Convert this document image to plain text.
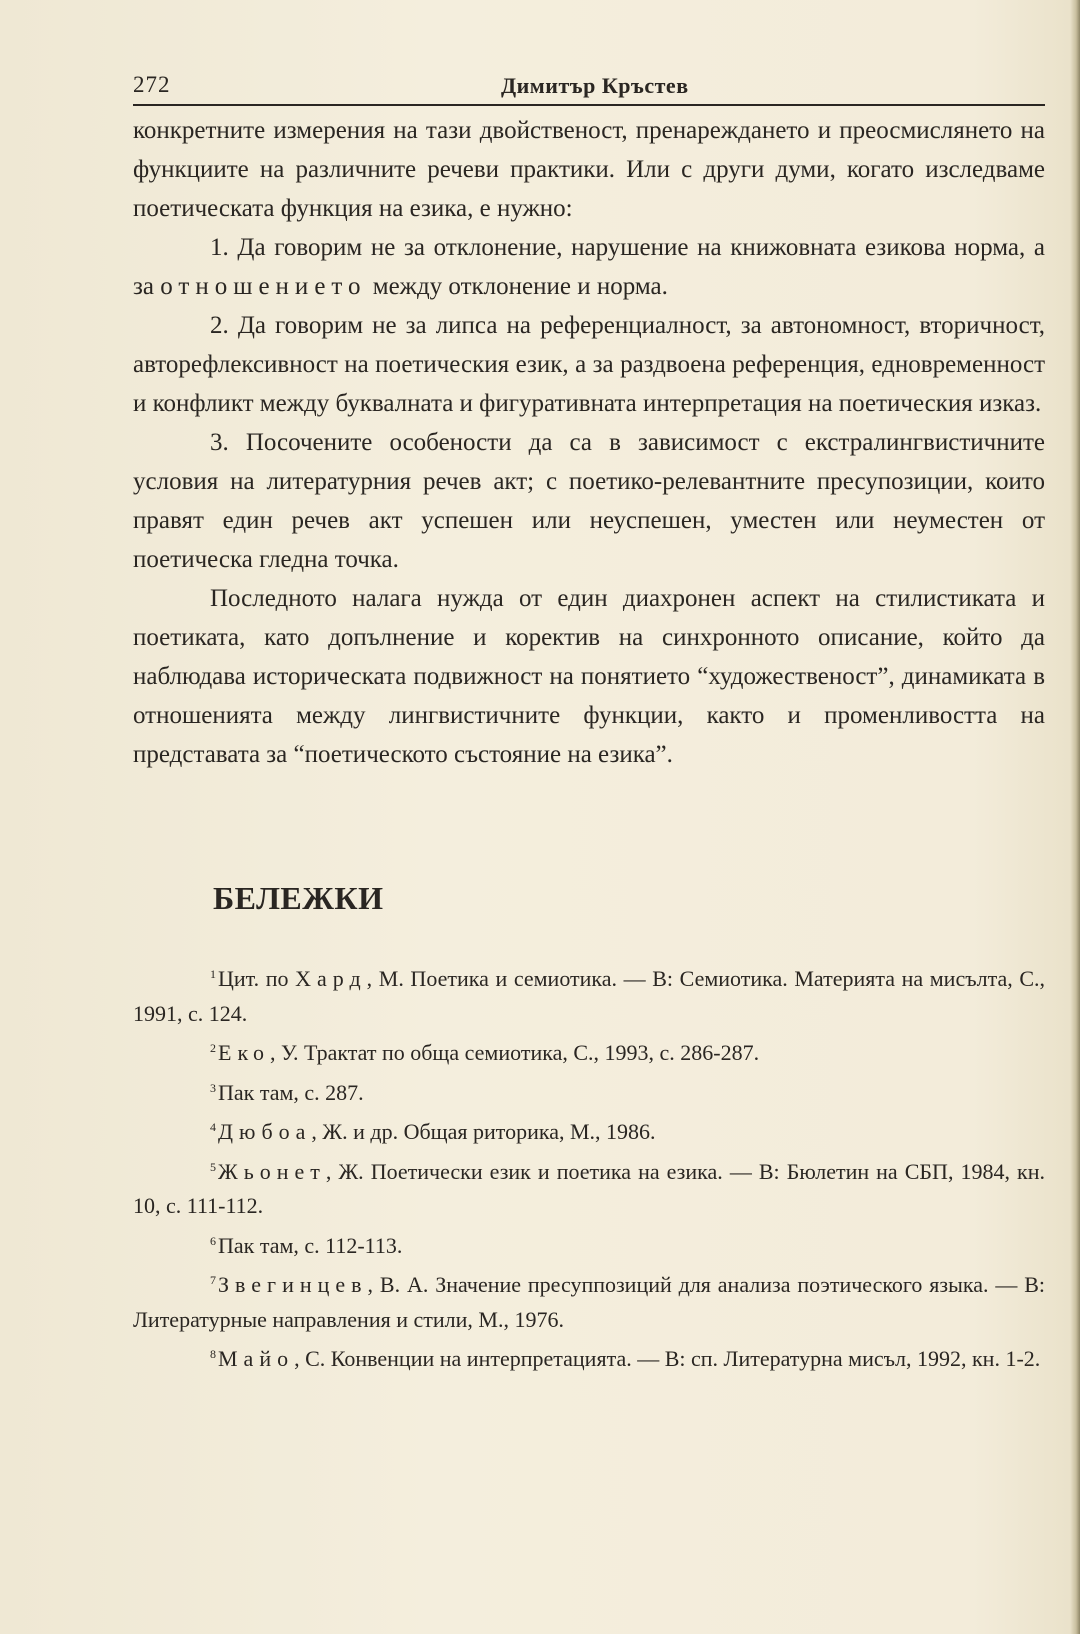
272	Димитър Кръстев

конкретните измерения на тази двойственост, пренареждането и преосмислянето на функциите на различните речеви практики. Или с други думи, когато изследваме поетическата функция на езика, е нужно:

1. Да говорим не за отклонение, нарушение на книжовната езикова норма, а за отношението между отклонение и норма.

2. Да говорим не за липса на референциалност, за автономност, вторичност, авторефлексивност на поетическия език, а за раздвоена референция, едновременност и конфликт между буквалната и фигуративната интерпретация на поетическия изказ.

3. Посочените особености да са в зависимост с екстралингвистичните условия на литературния речев акт; с поетико-релевантните пресупозиции, които правят един речев акт успешен или неуспешен, уместен или неуместен от поетическа гледна точка.

Последното налага нужда от един диахронен аспект на стилистиката и поетиката, като допълнение и коректив на синхронното описание, който да наблюдава историческата подвижност на понятието “художественост”, динамиката в отношенията между лингвистичните функции, както и променливостта на представата за “поетическото състояние на езика”.

БЕЛЕЖКИ

$^1$Цит. по Хард, М. Поетика и семиотика. — В: Семиотика. Материята на мисълта, С., 1991, с. 124.

$^2$Еко, У. Трактат по обща семиотика, С., 1993, с. 286-287.

$^3$Пак там, с. 287.

$^4$Дюбоа, Ж. и др. Общая риторика, М., 1986.

$^5$Жьонет, Ж. Поетически език и поетика на езика. — В: Бюлетин на СБП, 1984, кн. 10, с. 111-112.

$^6$Пак там, с. 112-113.

$^7$Звегинцев, В. А. Значение пресуппозиций для анализа поэтического языка. — В: Литературные направления и стили, М., 1976.

$^8$Майо, С. Конвенции на интерпретацията. — В: сп. Литературна мисъл, 1992, кн. 1-2.
